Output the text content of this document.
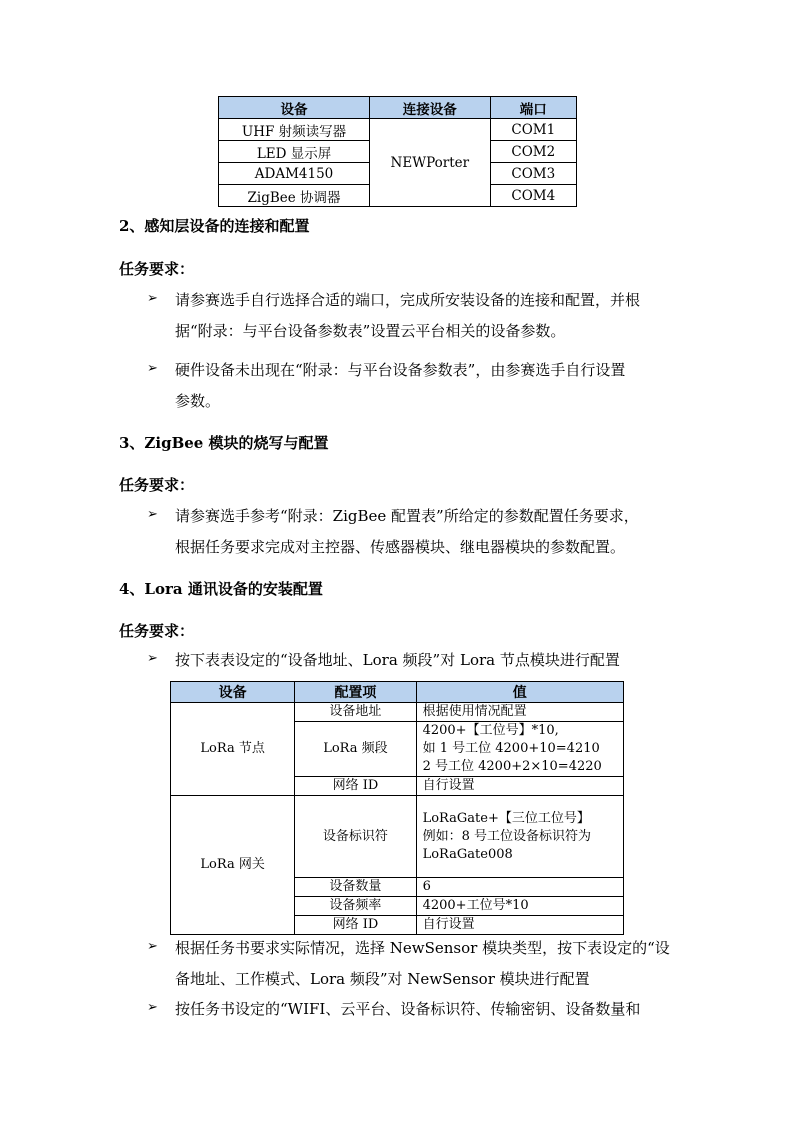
设备	连接设备	端口
UHF 射频读写器	NEWPorter	COM1
LED 显示屏		COM2
ADAM4150		COM3
ZigBee 协调器		COM4
2、感知层设备的连接和配置
任务要求：
➢ 请参赛选手自行选择合适的端口，完成所安装设备的连接和配置，并根
据“附录：与平台设备参数表”设置云平台相关的设备参数。
➢ 硬件设备未出现在“附录：与平台设备参数表”，由参赛选手自行设置
参数。
3、ZigBee 模块的烧写与配置
任务要求：
➢ 请参赛选手参考“附录：ZigBee 配置表”所给定的参数配置任务要求，
根据任务要求完成对主控器、传感器模块、继电器模块的参数配置。
4、Lora 通讯设备的安装配置
任务要求：
➢ 按下表表设定的“设备地址、Lora 频段”对 Lora 节点模块进行配置
设备	配置项	值
LoRa 节点	设备地址	根据使用情况配置
	LoRa 频段	4200+【工位号】*10,
如 1 号工位 4200+10=4210
2 号工位 4200+2×10=4220

	网络 ID	自行设置
LoRa 网关	设备标识符	LoRaGate+【三位工位号】
例如：8 号工位设备标识符为
LoRaGate008

	设备数量	6
	设备频率	4200+工位号*10
	网络 ID	自行设置
➢ 根据任务书要求实际情况，选择 NewSensor 模块类型，按下表设定的“设
备地址、工作模式、Lora 频段”对 NewSensor 模块进行配置
➢ 按任务书设定的“WIFI、云平台、设备标识符、传输密钥、设备数量和
